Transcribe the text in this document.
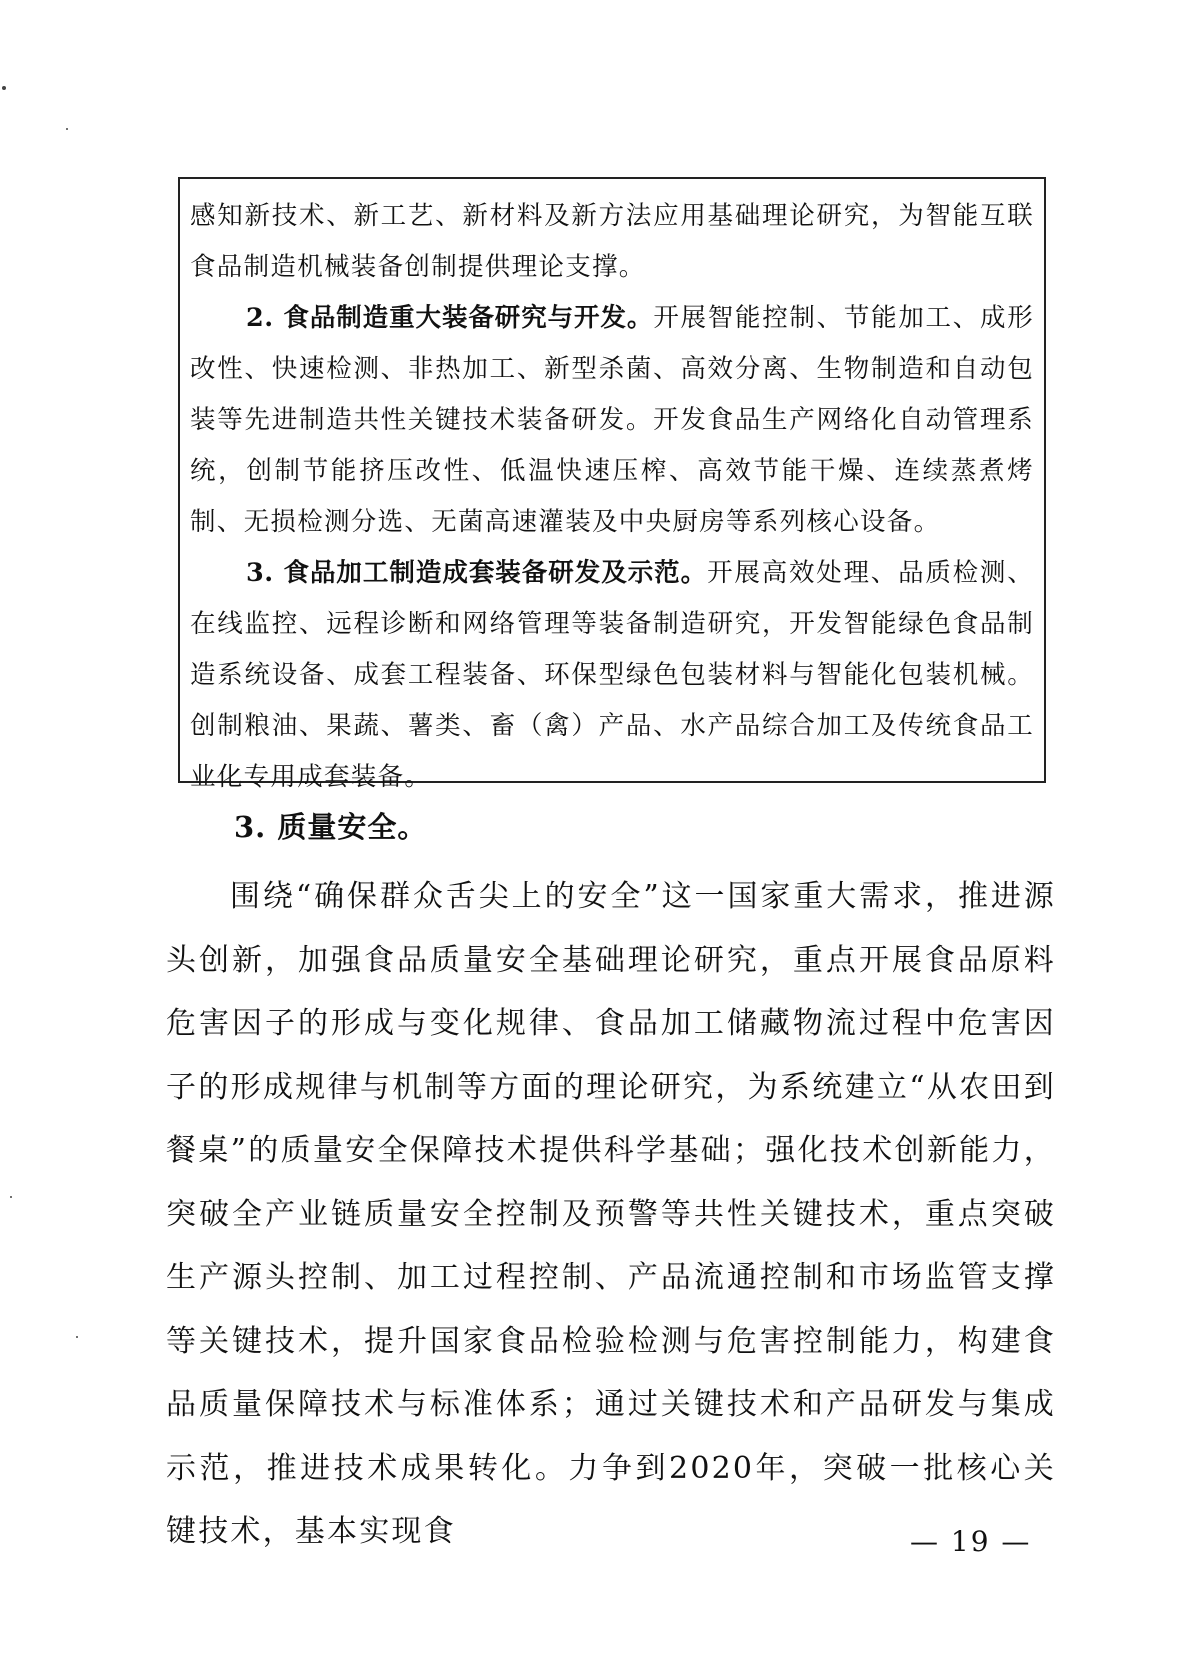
感知新技术、新工艺、新材料及新方法应用基础理论研究，为智能互联食品制造机械装备创制提供理论支撑。

2. 食品制造重大装备研究与开发。开展智能控制、节能加工、成形改性、快速检测、非热加工、新型杀菌、高效分离、生物制造和自动包装等先进制造共性关键技术装备研发。开发食品生产网络化自动管理系统，创制节能挤压改性、低温快速压榨、高效节能干燥、连续蒸煮烤制、无损检测分选、无菌高速灌装及中央厨房等系列核心设备。

3. 食品加工制造成套装备研发及示范。开展高效处理、品质检测、在线监控、远程诊断和网络管理等装备制造研究，开发智能绿色食品制造系统设备、成套工程装备、环保型绿色包装材料与智能化包装机械。创制粮油、果蔬、薯类、畜（禽）产品、水产品综合加工及传统食品工业化专用成套装备。

3. 质量安全。

围绕“确保群众舌尖上的安全”这一国家重大需求，推进源头创新，加强食品质量安全基础理论研究，重点开展食品原料危害因子的形成与变化规律、食品加工储藏物流过程中危害因子的形成规律与机制等方面的理论研究，为系统建立“从农田到餐桌”的质量安全保障技术提供科学基础；强化技术创新能力，突破全产业链质量安全控制及预警等共性关键技术，重点突破生产源头控制、加工过程控制、产品流通控制和市场监管支撑等关键技术，提升国家食品检验检测与危害控制能力，构建食品质量保障技术与标准体系；通过关键技术和产品研发与集成示范，推进技术成果转化。力争到2020年，突破一批核心关键技术，基本实现食	— 19 —
